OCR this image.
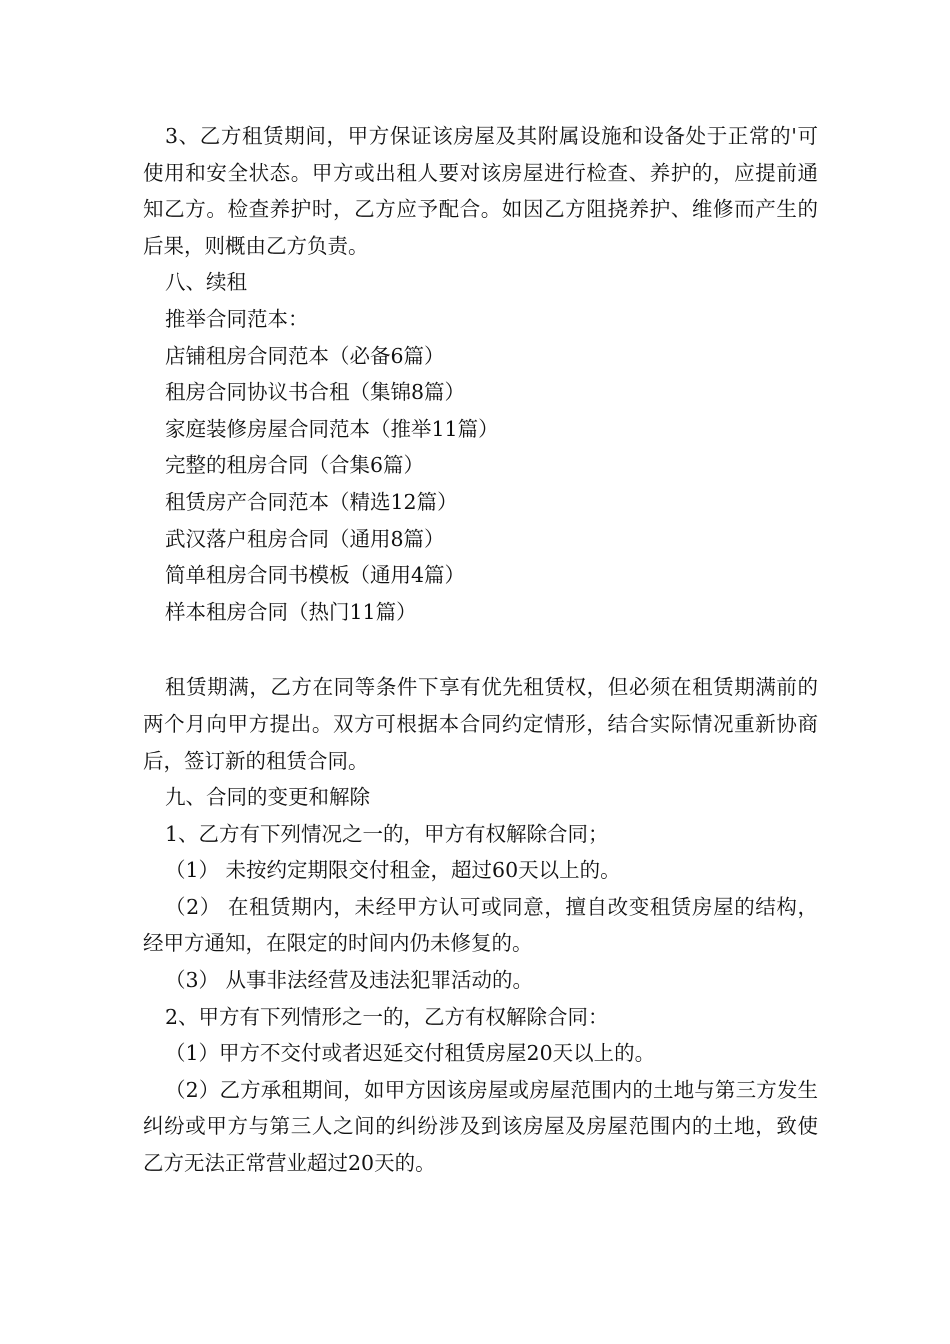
3、乙方租赁期间，甲方保证该房屋及其附属设施和设备处于正常的'可使用和安全状态。甲方或出租人要对该房屋进行检查、养护的，应提前通知乙方。检查养护时，乙方应予配合。如因乙方阻挠养护、维修而产生的后果，则概由乙方负责。

八、续租

推举合同范本：

店铺租房合同范本（必备6篇）

租房合同协议书合租（集锦8篇）

家庭装修房屋合同范本（推举11篇）

完整的租房合同（合集6篇）

租赁房产合同范本（精选12篇）

武汉落户租房合同（通用8篇）

简单租房合同书模板（通用4篇）

样本租房合同（热门11篇）

租赁期满，乙方在同等条件下享有优先租赁权，但必须在租赁期满前的两个月向甲方提出。双方可根据本合同约定情形，结合实际情况重新协商后，签订新的租赁合同。

九、合同的变更和解除

1、乙方有下列情况之一的，甲方有权解除合同；

（1） 未按约定期限交付租金，超过60天以上的。

（2） 在租赁期内，未经甲方认可或同意，擅自改变租赁房屋的结构，经甲方通知，在限定的时间内仍未修复的。

（3） 从事非法经营及违法犯罪活动的。

2、甲方有下列情形之一的，乙方有权解除合同：

（1）甲方不交付或者迟延交付租赁房屋20天以上的。

（2）乙方承租期间，如甲方因该房屋或房屋范围内的土地与第三方发生纠纷或甲方与第三人之间的纠纷涉及到该房屋及房屋范围内的土地，致使乙方无法正常营业超过20天的。
